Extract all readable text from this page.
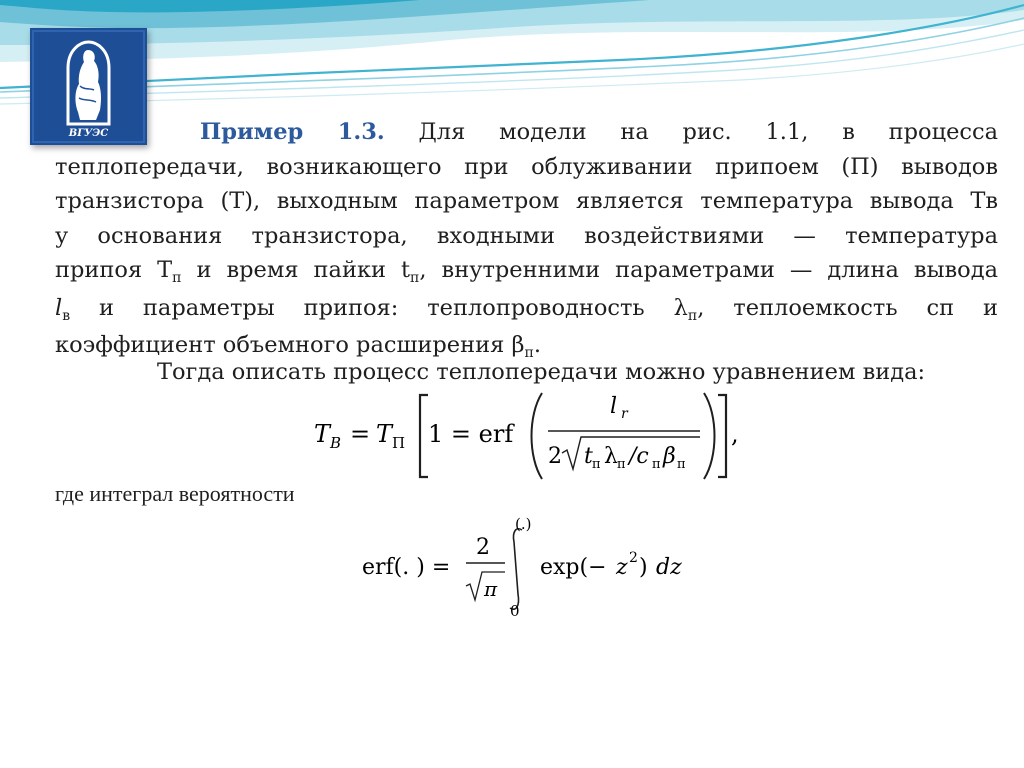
ВГУЭС	Пример 1.3. Для модели на рис. 1.1, в процесса
теплопередачи, возникающего при облуживании припоем (П) выводов
транзистора (Т), выходным параметром является температура вывода Тв
у основания транзистора, входными воздействиями — температура
припоя $Т_п$ и время пайки $t_п$, внутренними параметрами — длина вывода
$l_в$ и параметры припоя: теплопроводность $\lambda_п$, теплоемкость сп и
коэффициент объемного расширения $\beta_п$.
Тогда описать процесс теплопередачи можно уравнением вида:
T B = T П 1 = erf
l r
2 t п λ п /c п β п
,
где интеграл вероятности
erf(. ) =
2
π
(.)
0
exp(− z 2 ) dz
